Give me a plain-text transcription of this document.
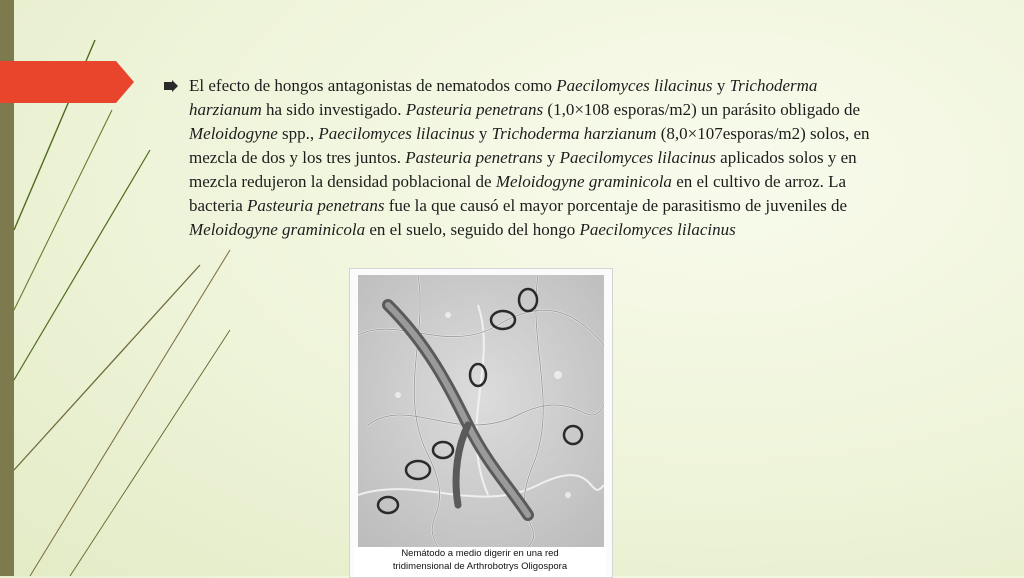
El efecto de hongos antagonistas de nematodos como Paecilomyces lilacinus y Trichoderma harzianum ha sido investigado. Pasteuria penetrans (1,0×108 esporas/m2) un parásito obligado de Meloidogyne spp., Paecilomyces lilacinus y Trichoderma harzianum (8,0×107esporas/m2) solos, en mezcla de dos y los tres juntos. Pasteuria penetrans y Paecilomyces lilacinus aplicados solos y en mezcla redujeron la densidad poblacional de Meloidogyne graminicola en el cultivo de arroz. La bacteria Pasteuria penetrans fue la que causó el mayor porcentaje de parasitismo de juveniles de Meloidogyne graminicola en el suelo, seguido del hongo Paecilomyces lilacinus
Nemátodo a medio digerir en una red
tridimensional de Arthrobotrys Oligospora
